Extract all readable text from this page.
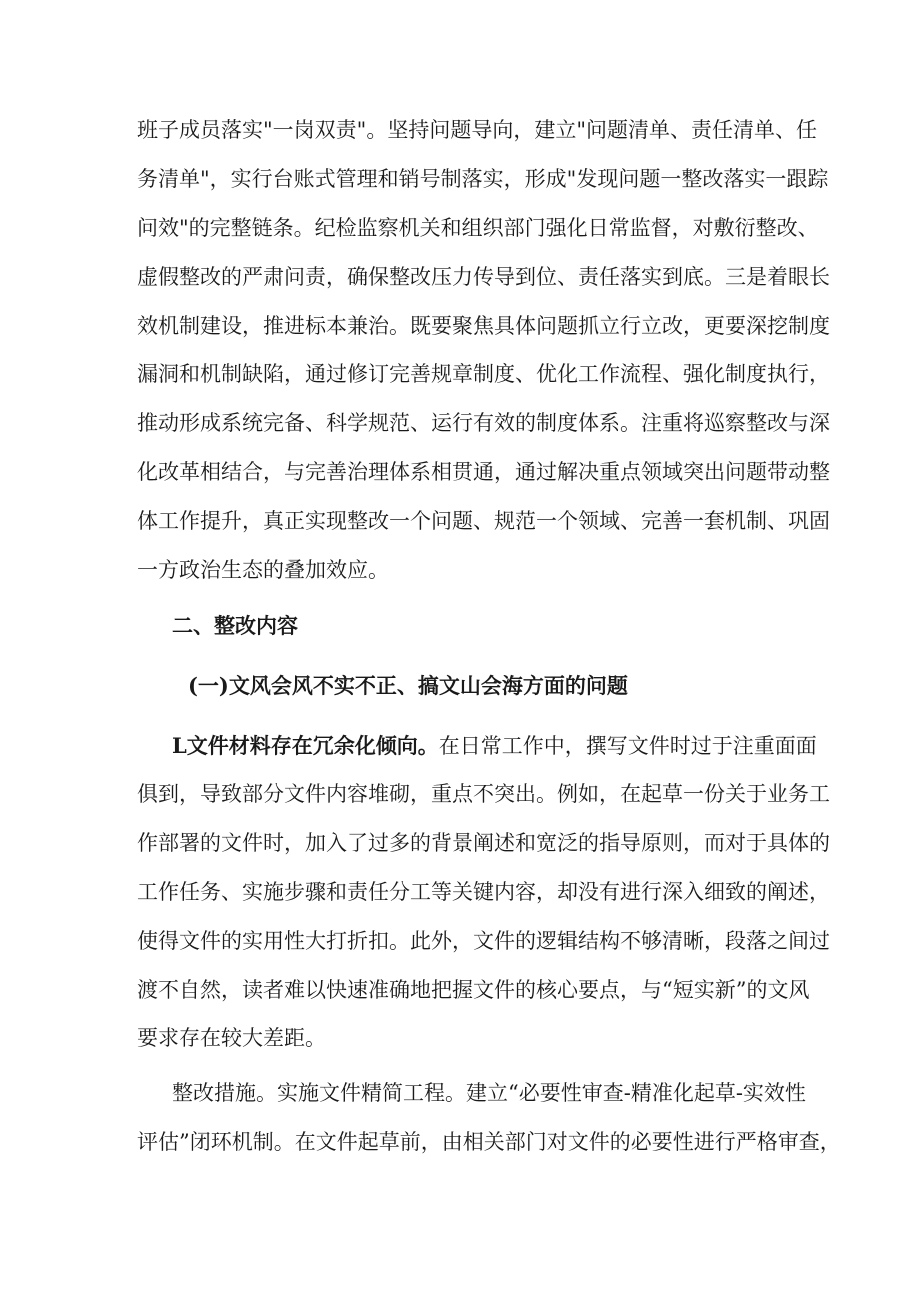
班子成员落实"一岗双责"。坚持问题导向，建立"问题清单、责任清单、任
务清单"，实行台账式管理和销号制落实，形成"发现问题一整改落实一跟踪
问效"的完整链条。纪检监察机关和组织部门强化日常监督，对敷衍整改、
虚假整改的严肃问责，确保整改压力传导到位、责任落实到底。三是着眼长
效机制建设，推进标本兼治。既要聚焦具体问题抓立行立改，更要深挖制度
漏洞和机制缺陷，通过修订完善规章制度、优化工作流程、强化制度执行，
推动形成系统完备、科学规范、运行有效的制度体系。注重将巡察整改与深
化改革相结合，与完善治理体系相贯通，通过解决重点领域突出问题带动整
体工作提升，真正实现整改一个问题、规范一个领域、完善一套机制、巩固
一方政治生态的叠加效应。
二、整改内容
(一)文风会风不实不正、搞文山会海方面的问题
L文件材料存在冗余化倾向。在日常工作中，撰写文件时过于注重面面
俱到，导致部分文件内容堆砌，重点不突出。例如，在起草一份关于业务工
作部署的文件时，加入了过多的背景阐述和宽泛的指导原则，而对于具体的
工作任务、实施步骤和责任分工等关键内容，却没有进行深入细致的阐述，
使得文件的实用性大打折扣。此外，文件的逻辑结构不够清晰，段落之间过
渡不自然，读者难以快速准确地把握文件的核心要点，与“短实新”的文风
要求存在较大差距。
整改措施。实施文件精简工程。建立“必要性审查-精准化起草-实效性
评估”闭环机制。在文件起草前，由相关部门对文件的必要性进行严格审查，
